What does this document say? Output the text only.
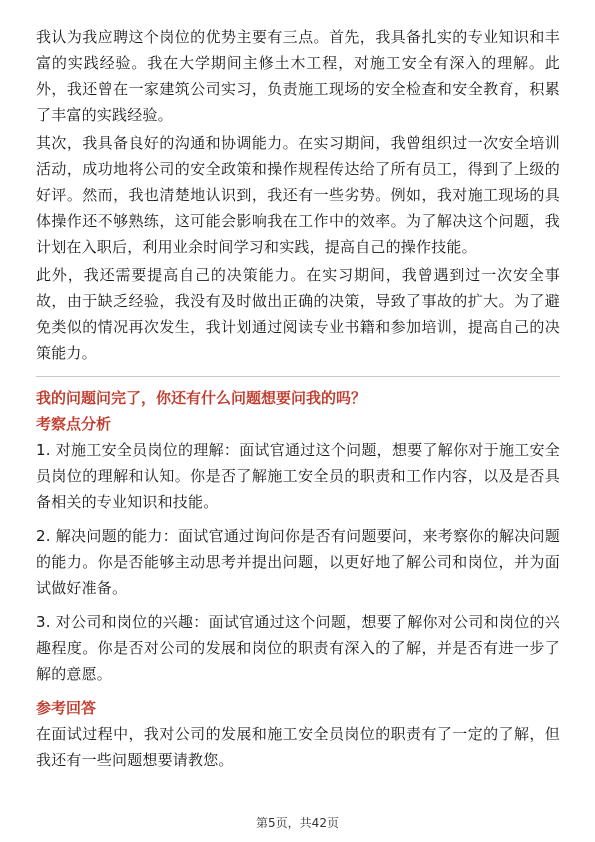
我认为我应聘这个岗位的优势主要有三点。首先，我具备扎实的专业知识和丰富的实践经验。我在大学期间主修土木工程，对施工安全有深入的理解。此外，我还曾在一家建筑公司实习，负责施工现场的安全检查和安全教育，积累了丰富的实践经验。

其次，我具备良好的沟通和协调能力。在实习期间，我曾组织过一次安全培训活动，成功地将公司的安全政策和操作规程传达给了所有员工，得到了上级的好评。然而，我也清楚地认识到，我还有一些劣势。例如，我对施工现场的具体操作还不够熟练，这可能会影响我在工作中的效率。为了解决这个问题，我计划在入职后，利用业余时间学习和实践，提高自己的操作技能。

此外，我还需要提高自己的决策能力。在实习期间，我曾遇到过一次安全事故，由于缺乏经验，我没有及时做出正确的决策，导致了事故的扩大。为了避免类似的情况再次发生，我计划通过阅读专业书籍和参加培训，提高自己的决策能力。

我的问题问完了，你还有什么问题想要问我的吗？

考察点分析

1. 对施工安全员岗位的理解：面试官通过这个问题，想要了解你对于施工安全员岗位的理解和认知。你是否了解施工安全员的职责和工作内容，以及是否具备相关的专业知识和技能。

2. 解决问题的能力：面试官通过询问你是否有问题要问，来考察你的解决问题的能力。你是否能够主动思考并提出问题，以更好地了解公司和岗位，并为面试做好准备。

3. 对公司和岗位的兴趣：面试官通过这个问题，想要了解你对公司和岗位的兴趣程度。你是否对公司的发展和岗位的职责有深入的了解，并是否有进一步了解的意愿。

参考回答

在面试过程中，我对公司的发展和施工安全员岗位的职责有了一定的了解，但我还有一些问题想要请教您。

第5页，共42页
